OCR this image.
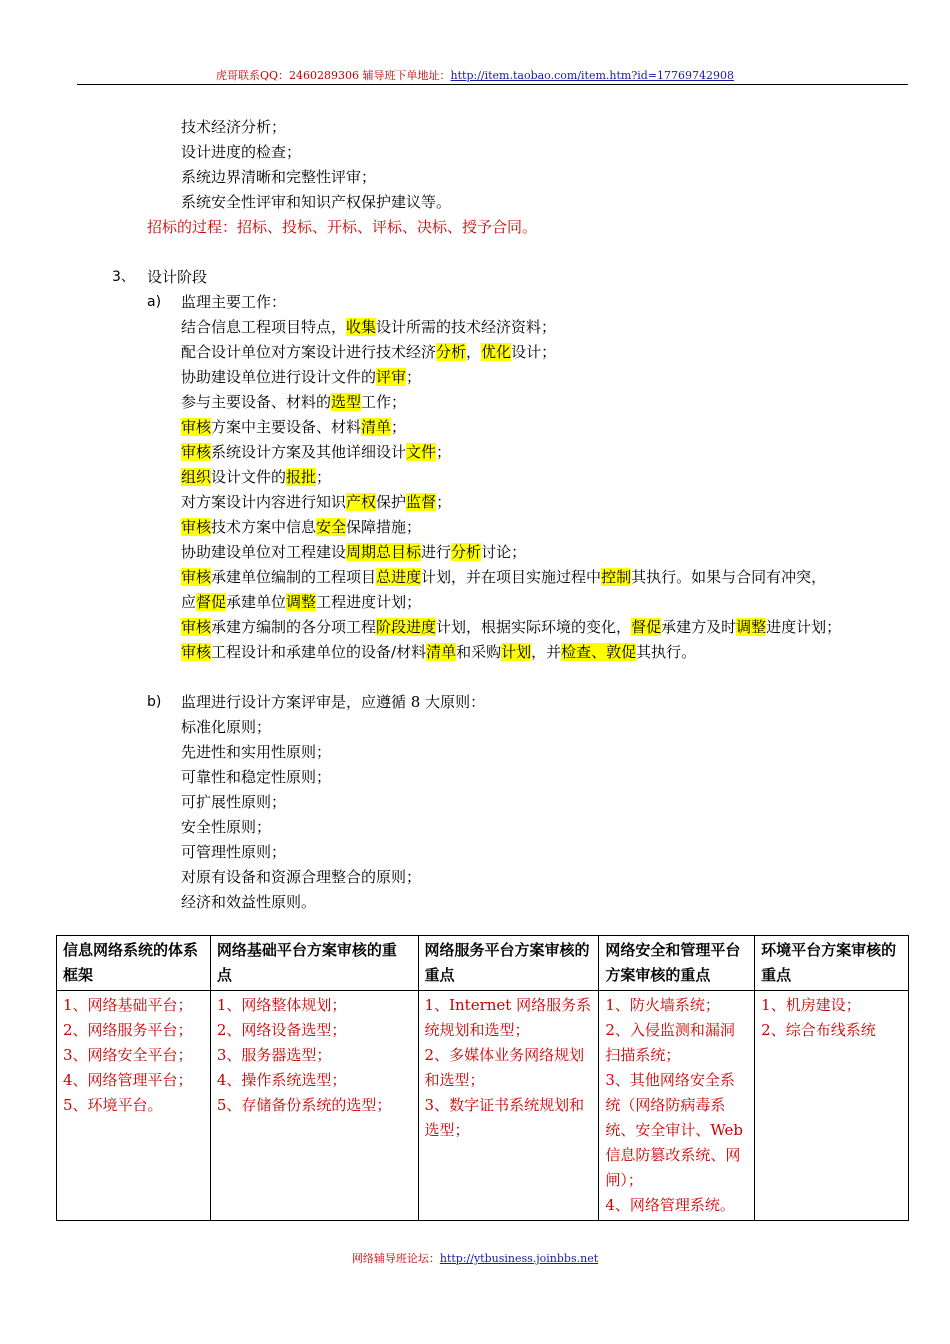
虎哥联系QQ：2460289306 辅导班下单地址：http://item.taobao.com/item.htm?id=17769742908
技术经济分析；
设计进度的检查；
系统边界清晰和完整性评审；
系统安全性评审和知识产权保护建议等。
招标的过程：招标、投标、开标、评标、决标、授予合同。
3、 设计阶段
a) 监理主要工作：
结合信息工程项目特点，收集设计所需的技术经济资料；
配合设计单位对方案设计进行技术经济分析，优化设计；
协助建设单位进行设计文件的评审；
参与主要设备、材料的选型工作；
审核方案中主要设备、材料清单；
审核系统设计方案及其他详细设计文件；
组织设计文件的报批；
对方案设计内容进行知识产权保护监督；
审核技术方案中信息安全保障措施；
协助建设单位对工程建设周期总目标进行分析讨论；
审核承建单位编制的工程项目总进度计划，并在项目实施过程中控制其执行。如果与合同有冲突，
应督促承建单位调整工程进度计划；
审核承建方编制的各分项工程阶段进度计划，根据实际环境的变化，督促承建方及时调整进度计划；
审核工程设计和承建单位的设备/材料清单和采购计划，并检查、敦促其执行。
b) 监理进行设计方案评审是，应遵循 8 大原则：
标准化原则；
先进性和实用性原则；
可靠性和稳定性原则；
可扩展性原则；
安全性原则；
可管理性原则；
对原有设备和资源合理整合的原则；
经济和效益性原则。
信息网络系统的体系框架	网络基础平台方案审核的重点	网络服务平台方案审核的重点	网络安全和管理平台方案审核的重点	环境平台方案审核的重点

1、网络基础平台；
2、网络服务平台；
3、网络安全平台；
4、网络管理平台；
5、环境平台。	1、网络整体规划；
2、网络设备选型；
3、服务器选型；
4、操作系统选型；
5、存储备份系统的选型；	1、Internet 网络服务系统规划和选型；
2、多媒体业务网络规划和选型；
3、数字证书系统规划和选型；	1、防火墙系统；
2、入侵监测和漏洞扫描系统；
3、其他网络安全系统（网络防病毒系统、安全审计、Web 信息防篡改系统、网闸）；
4、网络管理系统。	1、机房建设；
2、综合布线系统
网络辅导班论坛：http://ytbusiness.joinbbs.net
